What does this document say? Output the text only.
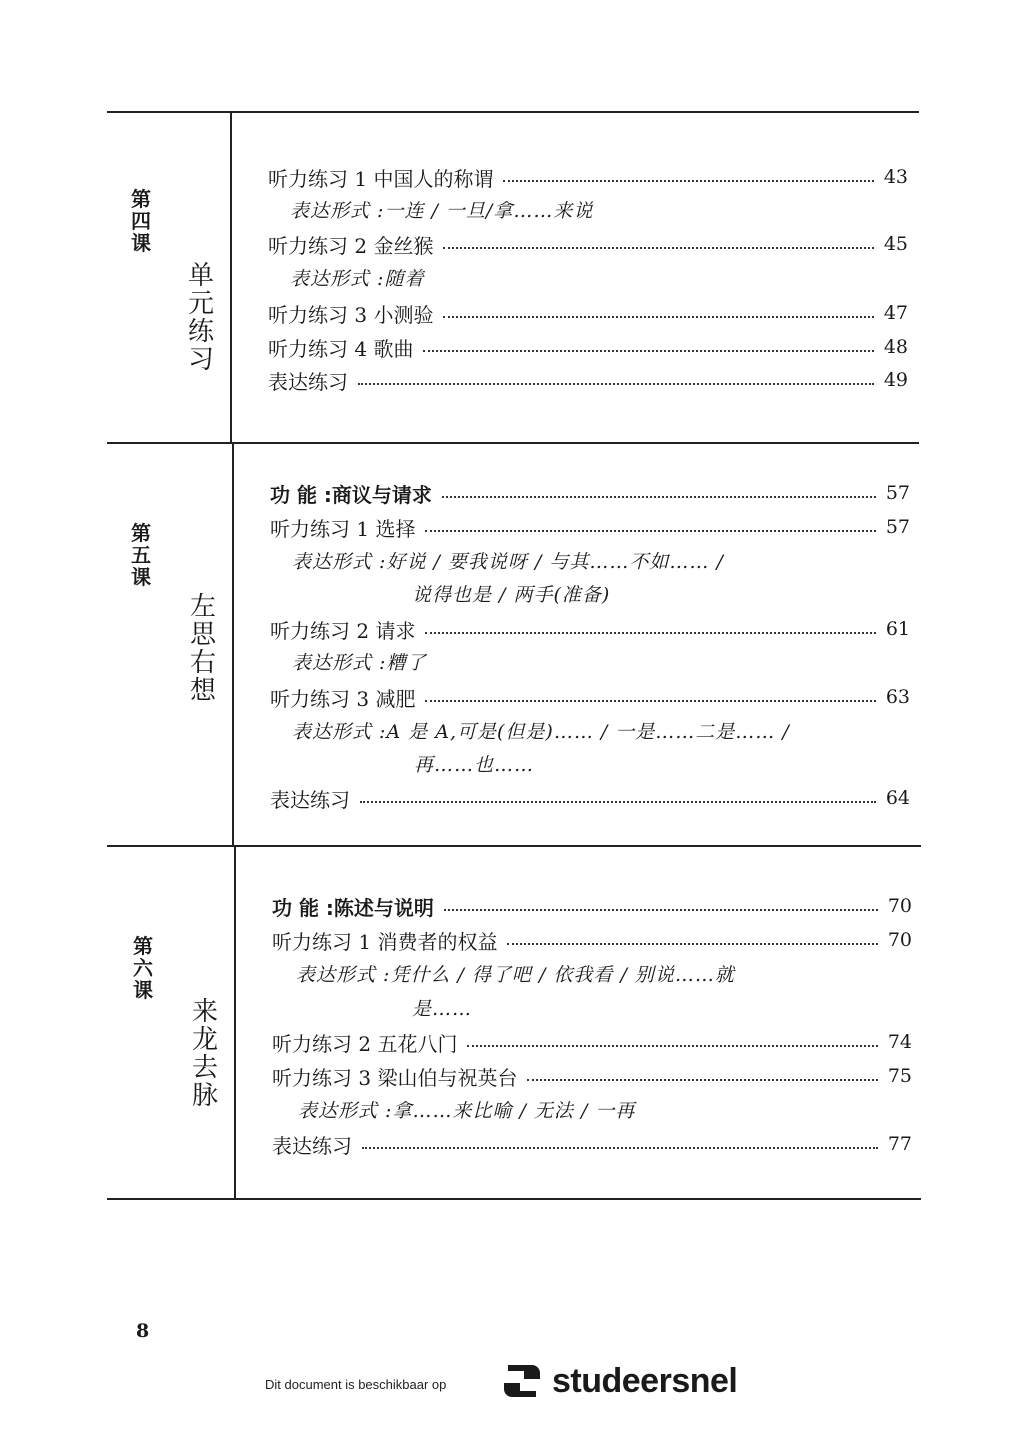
第四课
单元练习
听力练习 1 中国人的称谓	43
表达形式 :一连 / 一旦/拿……来说
听力练习 2 金丝猴	45
表达形式 :随着
听力练习 3 小测验	47
听力练习 4 歌曲	48
表达练习	49
第五课
左思右想
功 能 :商议与请求	57
听力练习 1 选择	57
表达形式 :好说 / 要我说呀 / 与其……不如…… /
说得也是 / 两手(准备)
听力练习 2 请求	61
表达形式 :糟了
听力练习 3 减肥	63
表达形式 :A 是 A,可是(但是)…… / 一是……二是…… /
再……也……
表达练习	64
第六课
来龙去脉
功 能 :陈述与说明	70
听力练习 1 消费者的权益	70
表达形式 :凭什么 / 得了吧 / 依我看 / 别说……就
是……
听力练习 2 五花八门	74
听力练习 3 梁山伯与祝英台	75
表达形式 :拿……来比喻 / 无法 / 一再
表达练习	77
8
Dit document is beschikbaar op	studeersnel
